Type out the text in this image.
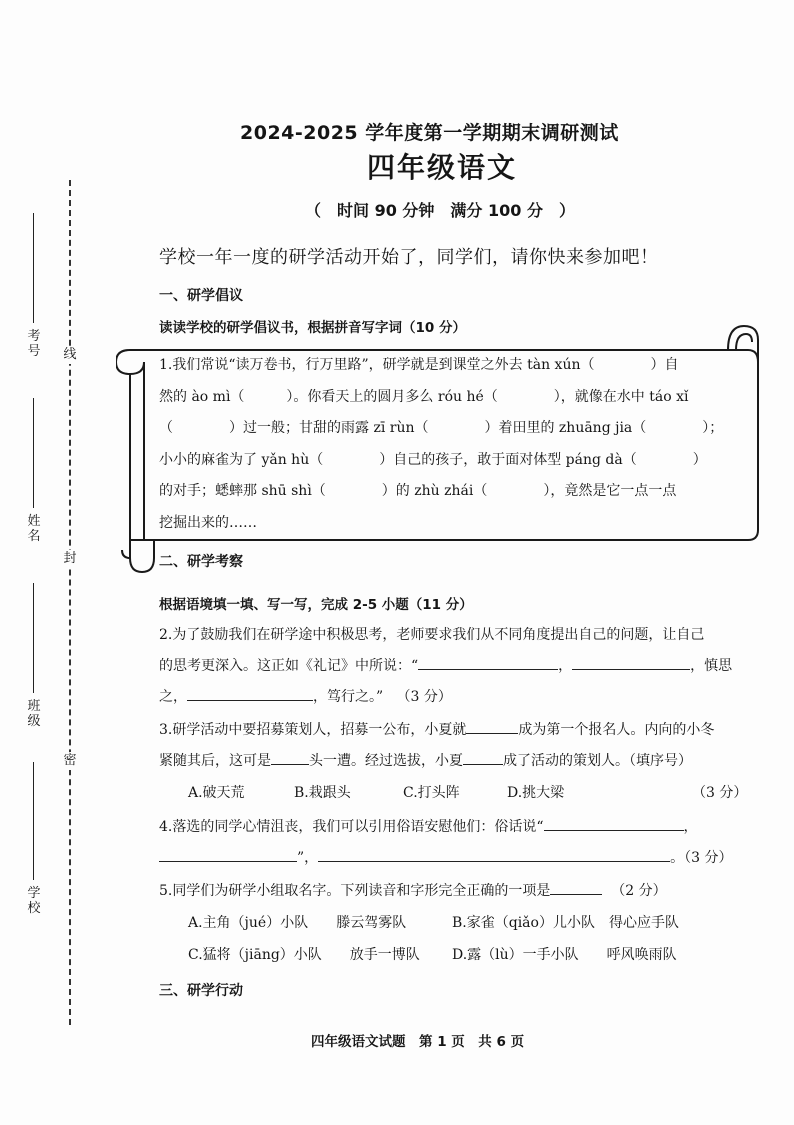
线
封
密
考号
姓名
班级
学校
2024-2025 学年度第一学期期末调研测试
四年级语文
（　时间 90 分钟　满分 100 分　）
学校一年一度的研学活动开始了，同学们，请你快来参加吧！
一、研学倡议
读读学校的研学倡议书，根据拼音写字词（10 分）
1.我们常说“读万卷书，行万里路”，研学就是到课堂之外去 tàn xún（　　　　）自
然的 ào mì（　　　）。你看天上的圆月多么 róu hé（　　　　），就像在水中 táo xǐ
（　　　　）过一般；甘甜的雨露 zī rùn（　　　　）着田里的 zhuāng jia（　　　　）；
小小的麻雀为了 yǎn hù（　　　　）自己的孩子，敢于面对体型 páng dà（　　　　）
的对手；蟋蟀那 shū shì（　　　　）的 zhù zhái（　　　　），竟然是它一点一点
挖掘出来的……
二、研学考察
根据语境填一填、写一写，完成 2-5 小题（11 分）
2.为了鼓励我们在研学途中积极思考，老师要求我们从不同角度提出自己的问题，让自己
的思考更深入。这正如《礼记》中所说：“	，	，慎思
之，	，笃行之。” （3 分）
3.研学活动中要招募策划人，招募一公布，小夏就	成为第一个报名人。内向的小冬
紧随其后，这可是	头一遭。经过选拔，小夏	成了活动的策划人。（填序号）
A.破天荒	B.栽跟头	C.打头阵	D.挑大梁	（3 分）
4.落选的同学心情沮丧，我们可以引用俗语安慰他们：俗话说“	，
”，	。（3 分）
5.同学们为研学小组取名字。下列读音和字形完全正确的一项是	（2 分）
A.主角（jué）小队　　滕云驾雾队	B.家雀（qiǎo）儿小队　得心应手队
C.猛将（jiāng）小队　　放手一博队 D.露（lù）一手小队　　呼风唤雨队
三、研学行动
四年级语文试题　第 1 页　共 6 页
